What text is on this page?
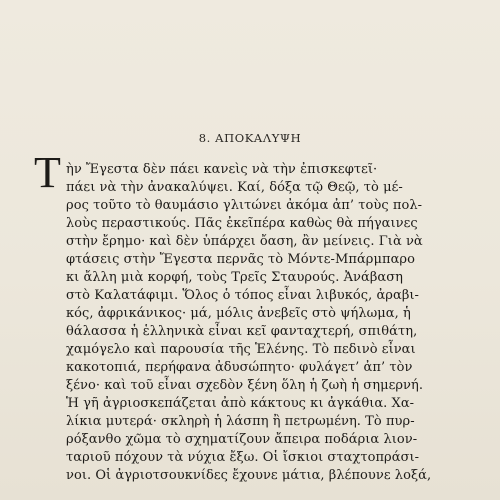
8. ΑΠΟΚΑΛΥΨΗ
Τ ὴν Ἔγεστα δὲν πάει κανεὶς νὰ τὴν ἐπισκεφτεῖ·
πάει νὰ τὴν ἀνακαλύψει. Καί, δόξα τῷ Θεῷ, τὸ μέ-
ρος τοῦτο τὸ θαυμάσιο γλιτώνει ἀκόμα ἀπ’ τοὺς πολ-
λοὺς περαστικούς. Πᾶς ἐκεῖπέρα καθὼς θὰ πήγαινες
στὴν ἔρημο· καὶ δὲν ὑπάρχει ὄαση, ἂν μείνεις. Γιὰ νὰ
φτάσεις στὴν Ἔγεστα περνᾶς τὸ Μόντε-Μπάρμπαρο
κι ἄλλη μιὰ κορφή, τοὺς Τρεῖς Σταυρούς. Ἀνάβαση
στὸ Καλατάφιμι. Ὅλος ὁ τόπος εἶναι λιβυκός, ἀραβι-
κός, ἀφρικάνικος· μά, μόλις ἀνεβεῖς στὸ ψήλωμα, ἡ
θάλασσα ἡ ἑλληνικὰ εἶναι κεῖ φανταχτερή, σπιθάτη,
χαμόγελο καὶ παρουσία τῆς Ἑλένης. Τὸ πεδινὸ εἶναι
κακοτοπιά, περήφανα ἀδυσώπητο· φυλάγετ’ ἀπ’ τὸν
ξένο· καὶ τοῦ εἶναι σχεδὸν ξένη ὅλη ἡ ζωὴ ἡ σημερνή.
Ἡ γῆ ἀγριοσκεπάζεται ἀπὸ κάκτους κι ἀγκάθια. Χα-
λίκια μυτερά· σκληρὴ ἡ λάσπη ἢ πετρωμένη. Τὸ πυρ-
ρόξανθο χῶμα τὸ σχηματίζουν ἄπειρα ποδάρια λιον-
ταριοῦ πόχουν τὰ νύχια ἔξω. Οἱ ἴσκιοι σταχτοπράσι-
νοι. Οἱ ἀγριοτσουκνίδες ἔχουνε μάτια, βλέπουνε λοξά,
